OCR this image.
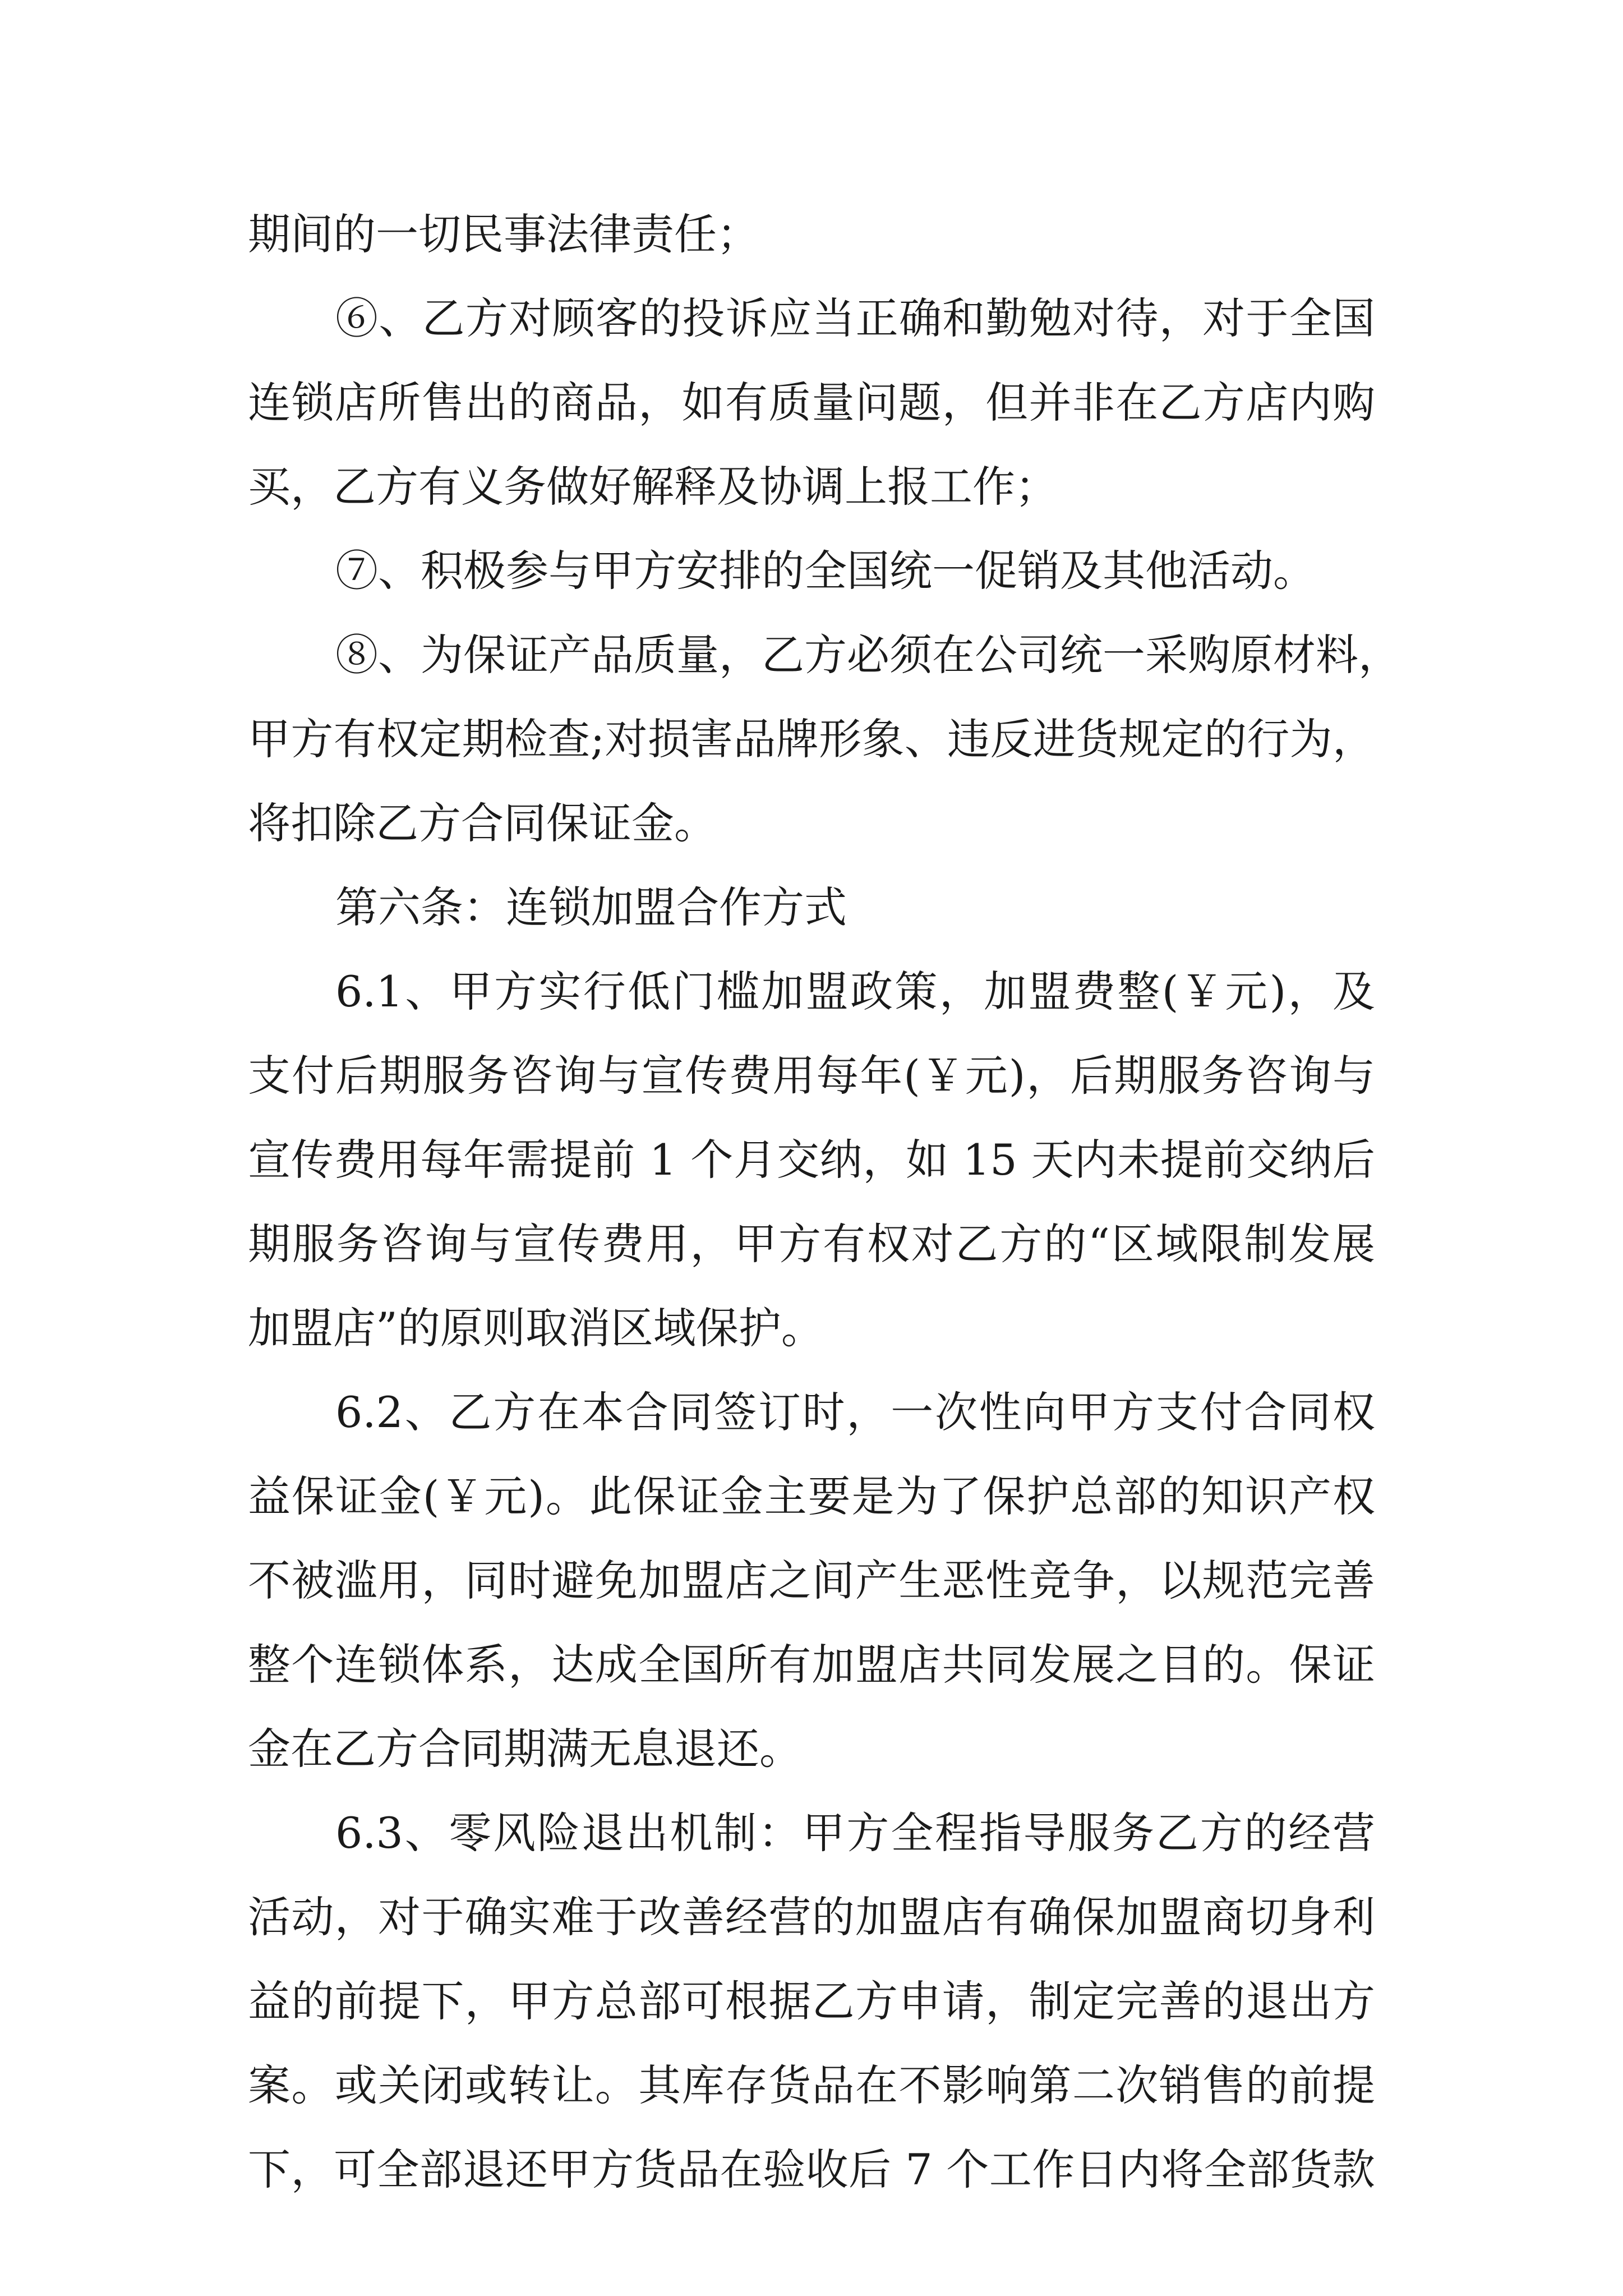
期间的一切民事法律责任；
⑥、乙方对顾客的投诉应当正确和勤勉对待，对于全国
连锁店所售出的商品，如有质量问题，但并非在乙方店内购
买，乙方有义务做好解释及协调上报工作；
⑦、积极参与甲方安排的全国统一促销及其他活动。
⑧、为保证产品质量，乙方必须在公司统一采购原材料，
甲方有权定期检查;对损害品牌形象、违反进货规定的行为，
将扣除乙方合同保证金。
第六条：连锁加盟合作方式
6.1、甲方实行低门槛加盟政策，加盟费整(￥元)，及
支付后期服务咨询与宣传费用每年(￥元)，后期服务咨询与
宣传费用每年需提前 1 个月交纳，如 15 天内未提前交纳后
期服务咨询与宣传费用，甲方有权对乙方的“区域限制发展
加盟店”的原则取消区域保护。
6.2、乙方在本合同签订时，一次性向甲方支付合同权
益保证金(￥元)。此保证金主要是为了保护总部的知识产权
不被滥用，同时避免加盟店之间产生恶性竞争，以规范完善
整个连锁体系，达成全国所有加盟店共同发展之目的。保证
金在乙方合同期满无息退还。
6.3、零风险退出机制：甲方全程指导服务乙方的经营
活动，对于确实难于改善经营的加盟店有确保加盟商切身利
益的前提下，甲方总部可根据乙方申请，制定完善的退出方
案。或关闭或转让。其库存货品在不影响第二次销售的前提
下，可全部退还甲方货品在验收后 7 个工作日内将全部货款
